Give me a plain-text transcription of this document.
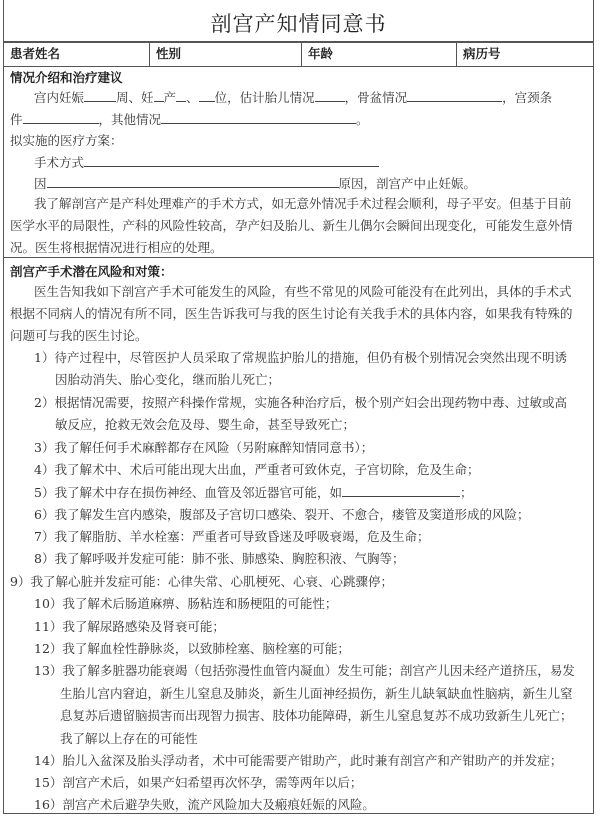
剖宫产知情同意书
患者姓名	性别	年龄	病历号
情况介绍和治疗建议
宫内妊娠	周、妊 产 、 位，估计胎儿情况 ，骨盆情况	，宫颈条
件	，其他情况	。
拟实施的医疗方案：
手术方式
因	原因，剖宫产中止妊娠。
我了解剖宫产是产科处理难产的手术方式，如无意外情况手术过程会顺利，母子平安。但基于目前
医学水平的局限性，产科的风险性较高，孕产妇及胎儿、新生儿偶尔会瞬间出现变化，可能发生意外情
况。医生将根据情况进行相应的处理。
剖宫产手术潜在风险和对策：
医生告知我如下剖宫产手术可能发生的风险，有些不常见的风险可能没有在此列出，具体的手术式
根据不同病人的情况有所不同，医生告诉我可与我的医生讨论有关我手术的具体内容，如果我有特殊的
问题可与我的医生讨论。
1）待产过程中，尽管医护人员采取了常规监护胎儿的措施，但仍有极个别情况会突然出现不明诱
因胎动消失、胎心变化，继而胎儿死亡；
2）根据情况需要，按照产科操作常规，实施各种治疗后，极个别产妇会出现药物中毒、过敏或高
敏反应，抢救无效会危及母、婴生命，甚至导致死亡；
3）我了解任何手术麻醉都存在风险（另附麻醉知情同意书）；
4）我了解术中、术后可能出现大出血，严重者可致休克，子宫切除，危及生命；
5）我了解术中存在损伤神经、血管及邻近器官可能，如	；
6）我了解发生宫内感染，腹部及子宫切口感染、裂开、不愈合，瘘管及窦道形成的风险；
7）我了解脂肪、羊水栓塞：严重者可导致昏迷及呼吸衰竭，危及生命；
8）我了解呼吸并发症可能：肺不张、肺感染、胸腔积液、气胸等；
9）我了解心脏并发症可能：心律失常、心肌梗死、心衰、心跳骤停；
10）我了解术后肠道麻痹、肠粘连和肠梗阻的可能性；
11）我了解尿路感染及肾衰可能；
12）我了解血栓性静脉炎，以致肺栓塞、脑栓塞的可能；
13）我了解多脏器功能衰竭（包括弥漫性血管内凝血）发生可能；剖宫产儿因未经产道挤压，易发
生胎儿宫内窘迫，新生儿窒息及肺炎，新生儿面神经损伤，新生儿缺氧缺血性脑病，新生儿窒
息复苏后遗留脑损害而出现智力损害、肢体功能障碍，新生儿窒息复苏不成功致新生儿死亡；
我了解以上存在的可能性
14）胎儿入盆深及胎头浮动者，术中可能需要产钳助产，此时兼有剖宫产和产钳助产的并发症；
15）剖宫产术后，如果产妇希望再次怀孕，需等两年以后；
16）剖宫产术后避孕失败，流产风险加大及瘢痕妊娠的风险。
